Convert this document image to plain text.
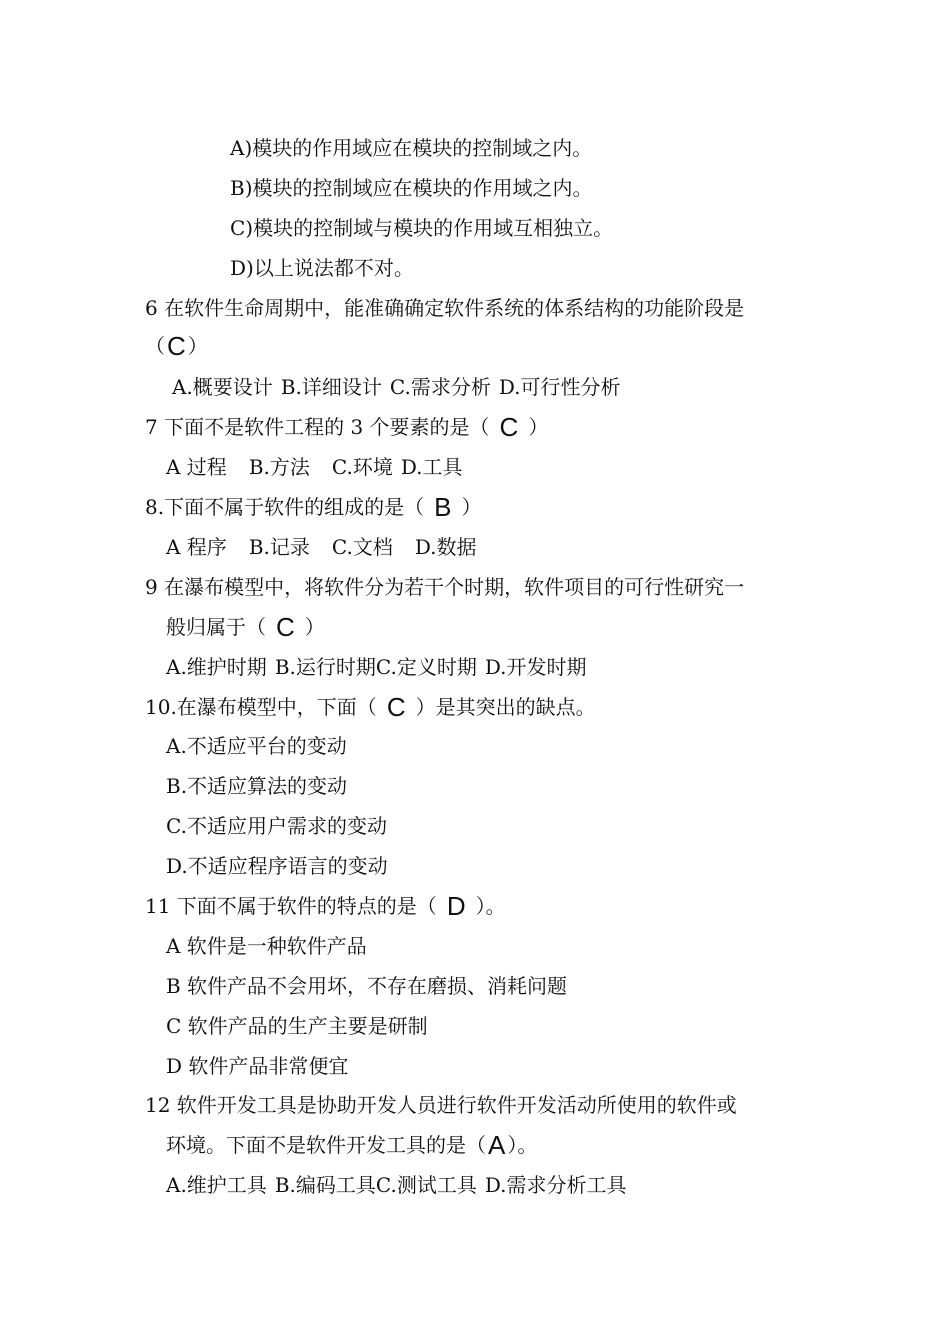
A)模块的作用域应在模块的控制域之内。
B)模块的控制域应在模块的作用域之内。
C)模块的控制域与模块的作用域互相独立。
D)以上说法都不对。
6 在软件生命周期中，能准确确定软件系统的体系结构的功能阶段是
（C ）
A.概要设计 B.详细设计 C.需求分析 D.可行性分析
7 下面不是软件工程的 3 个要素的是（ C ）
A 过程 B.方法 C.环境 D.工具
8.下面不属于软件的组成的是（ B ）
A 程序 B.记录 C.文档 D.数据
9 在瀑布模型中，将软件分为若干个时期，软件项目的可行性研究一
般归属于（ C ）
A.维护时期 B.运行时期C.定义时期 D.开发时期
10.在瀑布模型中，下面（ C ）是其突出的缺点。
A.不适应平台的变动
B.不适应算法的变动
C.不适应用户需求的变动
D.不适应程序语言的变动
11 下面不属于软件的特点的是（ D ）。
A 软件是一种软件产品
B 软件产品不会用坏，不存在磨损、消耗问题
C 软件产品的生产主要是研制
D 软件产品非常便宜
12 软件开发工具是协助开发人员进行软件开发活动所使用的软件或
环境。下面不是软件开发工具的是（A ）。
A.维护工具 B.编码工具C.测试工具 D.需求分析工具
